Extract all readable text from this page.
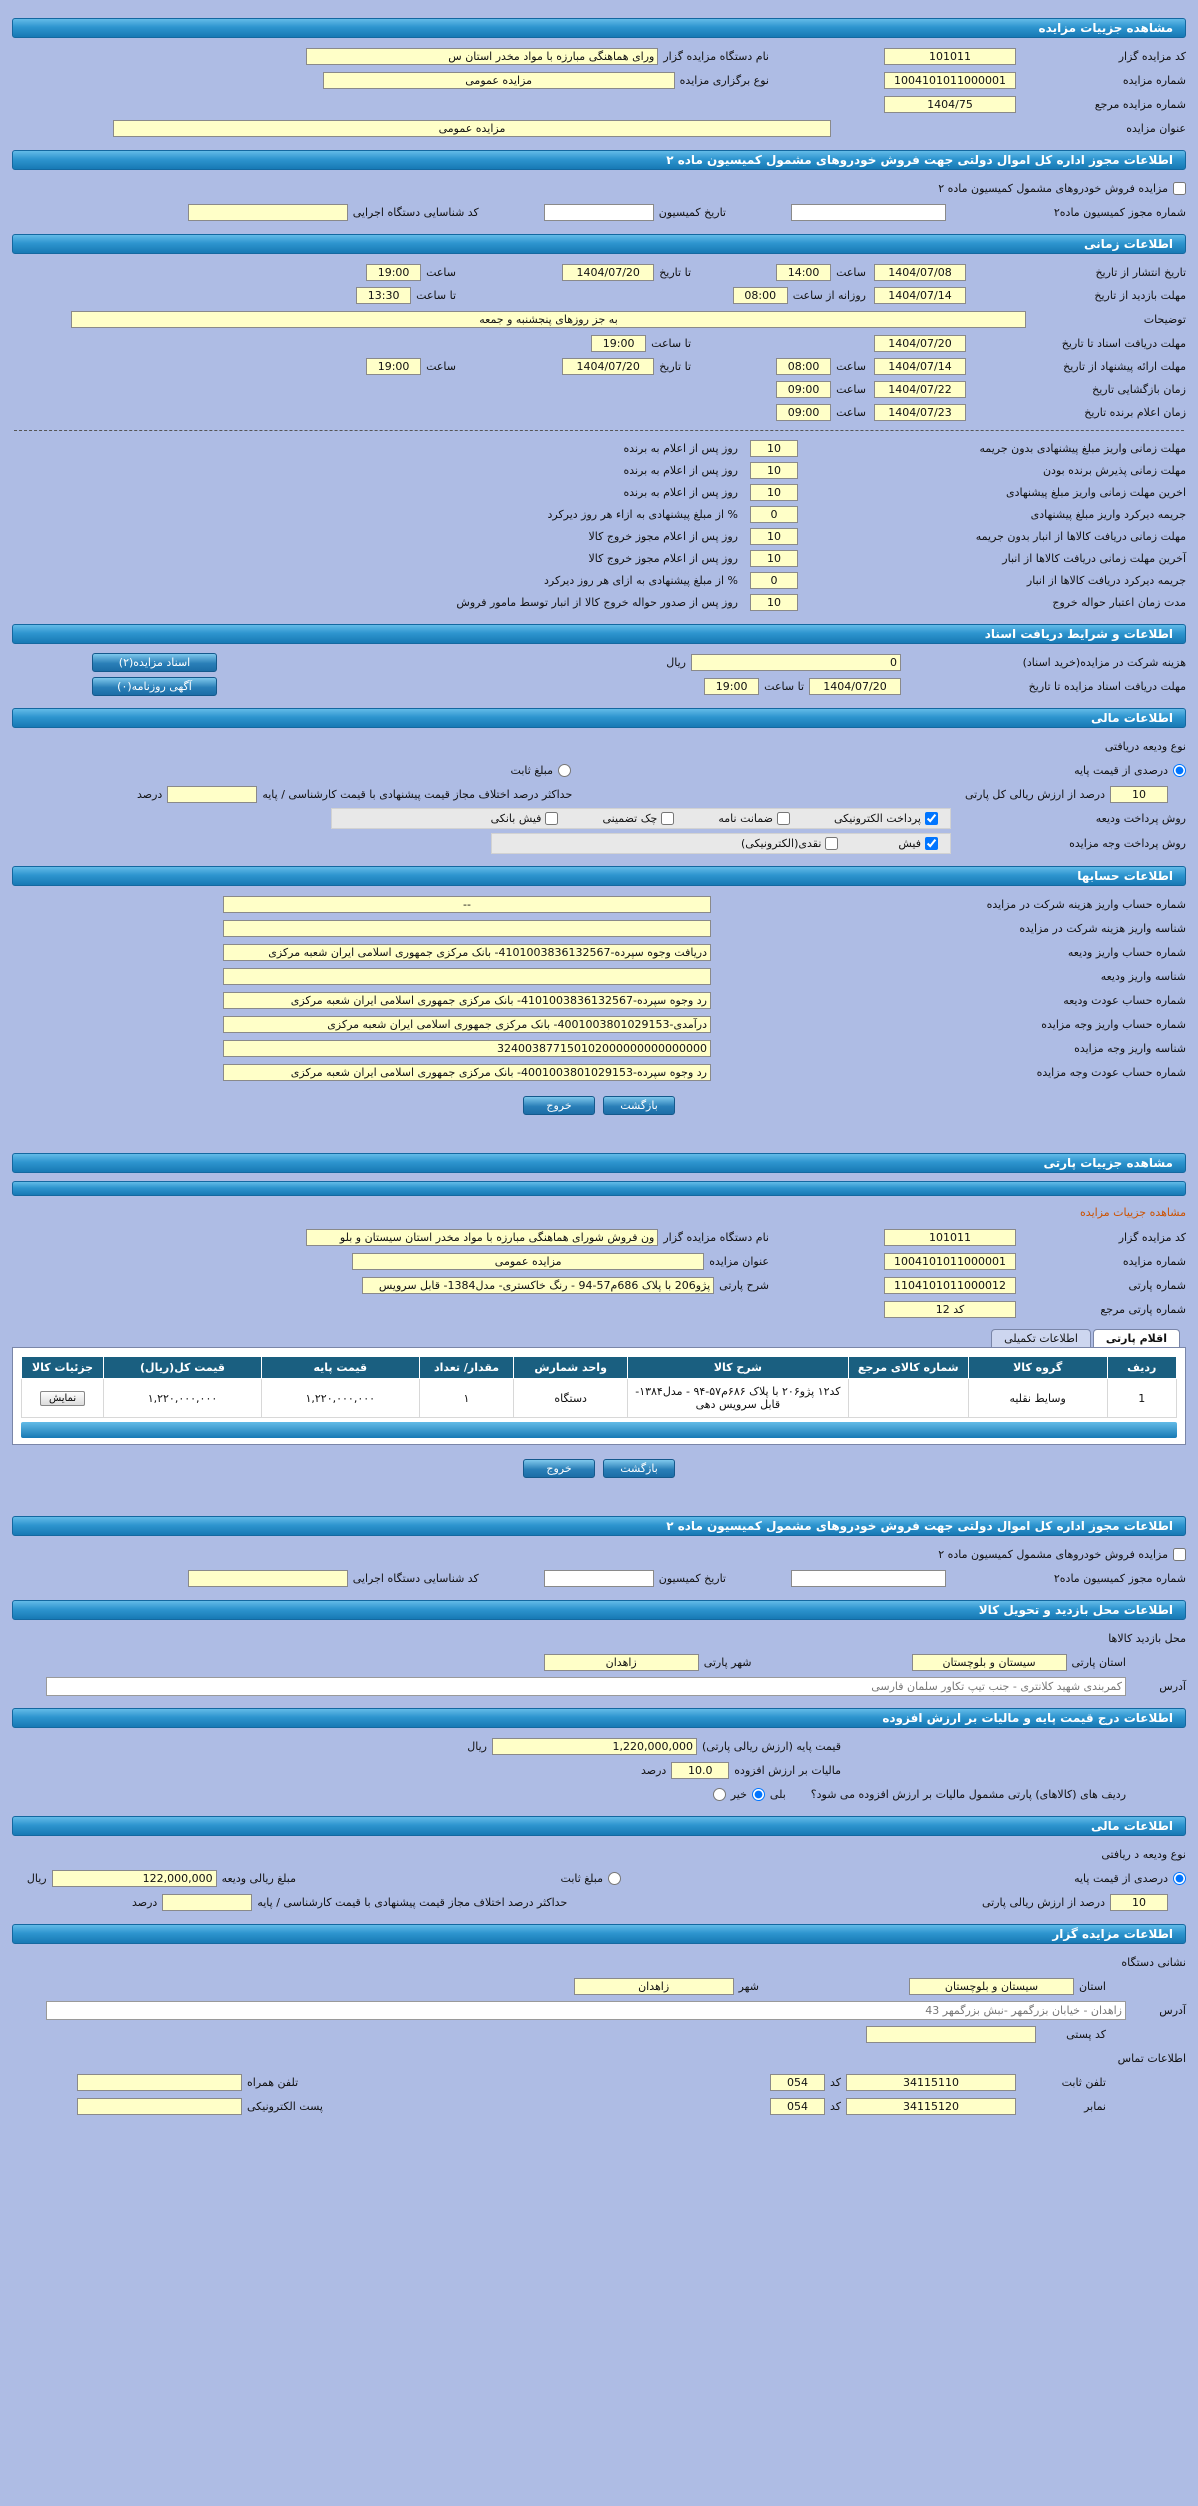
مشاهده جزییات مزایده
کد مزایده گزار
101011
نام دستگاه مزایده گزار
ورای هماهنگی مبارزه با مواد مخدر استان س
شماره مزایده
1004101011000001
نوع برگزاری مزایده
مزایده عمومی
شماره مزایده مرجع
1404/75
عنوان مزایده
مزایده عمومی
اطلاعات مجوز اداره کل اموال دولتی جهت فروش خودروهای مشمول کمیسیون ماده ۲
مزایده فروش خودروهای مشمول کمیسیون ماده ۲
شماره مجوز کمیسیون ماده۲
تاریخ کمیسیون
کد شناسایی دستگاه اجرایی
اطلاعات زمانی
تاریخ انتشار از تاریخ
1404/07/08
ساعت
14:00
تا تاریخ
1404/07/20
ساعت
19:00
مهلت بازدید از تاریخ
1404/07/14
روزانه از ساعت
08:00
تا ساعت
13:30
توضیحات
به جز روزهای پنجشنبه و جمعه
مهلت دریافت اسناد تا تاریخ
1404/07/20
تا ساعت
19:00
مهلت ارائه پیشنهاد از تاریخ
1404/07/14
ساعت
08:00
تا تاریخ
1404/07/20
ساعت
19:00
زمان بازگشایی تاریخ
1404/07/22
ساعت
09:00
زمان اعلام برنده تاریخ
1404/07/23
ساعت
09:00
مهلت زمانی واریز مبلغ پیشنهادی بدون جریمه
10
روز پس از اعلام به برنده
مهلت زمانی پذیرش برنده بودن
10
روز پس از اعلام به برنده
اخرین مهلت زمانی واریز مبلغ پیشنهادی
10
روز پس از اعلام به برنده
جریمه دیرکرد واریز مبلغ پیشنهادی
0
% از مبلغ پیشنهادی به ازاء هر روز دیرکرد
مهلت زمانی دریافت کالاها از انبار بدون جریمه
10
روز پس از اعلام مجوز خروج کالا
آخرین مهلت زمانی دریافت کالاها از انبار
10
روز پس از اعلام مجوز خروج کالا
جریمه دیرکرد دریافت کالاها از انبار
0
% از مبلغ پیشنهادی به ازای هر روز دیرکرد
مدت زمان اعتبار حواله خروج
10
روز پس از صدور حواله خروج کالا از انبار توسط مامور فروش
اطلاعات و شرایط دریافت اسناد
هزینه شرکت در مزایده(خرید اسناد)
0
ریال
اسناد مزایده(۲)
مهلت دریافت اسناد مزایده تا تاریخ
1404/07/20
تا ساعت
19:00
آگهی روزنامه(۰)
اطلاعات مالی
نوع ودیعه دریافتی
درصدی از قیمت پایه
مبلغ ثابت
10
درصد از ارزش ریالی کل پارتی
حداکثر درصد اختلاف مجاز قیمت پیشنهادی با قیمت کارشناسی / پایه
درصد
روش پرداخت ودیعه
پرداخت الکترونیکی
ضمانت نامه
چک تضمینی
فیش بانکی
روش پرداخت وجه مزایده
فیش
نقدی(الکترونیکی)
اطلاعات حسابها
شماره حساب واریز هزینه شرکت در مزایده
--
شناسه واریز هزینه شرکت در مزایده
شماره حساب واریز ودیعه
دریافت وجوه سپرده-4101003836132567- بانک مرکزی جمهوری اسلامی ایران شعبه مرکزی
شناسه واریز ودیعه
شماره حساب عودت ودیعه
رد وجوه سپرده-4101003836132567- بانک مرکزی جمهوری اسلامی ایران شعبه مرکزی
شماره حساب واریز وجه مزایده
درآمدی-4001003801029153- بانک مرکزی جمهوری اسلامی ایران شعبه مرکزی
شناسه واریز وجه مزایده
324003877150102000000000000000
شماره حساب عودت وجه مزایده
رد وجوه سپرده-4001003801029153- بانک مرکزی جمهوری اسلامی ایران شعبه مرکزی
بازگشت
خروج
مشاهده جزییات پارتی
مشاهده جزییات مزایده
کد مزایده گزار
101011
نام دستگاه مزایده گزار
ون فروش شورای هماهنگی مبارزه با مواد مخدر استان سیستان و بلو
شماره مزایده
1004101011000001
عنوان مزایده
مزایده عمومی
شماره پارتی
1104101011000012
شرح پارتی
پژو206 با پلاک 686م57-94 - رنگ خاکستری- مدل1384- قابل سرویس
شماره پارتی مرجع
کد 12
اقلام پارتی
اطلاعات تکمیلی
ردیف	گروه کالا	شماره کالای مرجع	شرح کالا	واحد شمارش	مقدار/ تعداد	قیمت پایه	قیمت کل(ریال)	جزئیات کالا
1	وسایط نقلیه		کد۱۲ پژو۲۰۶ با پلاک ۶۸۶م۵۷-۹۴ - مدل۱۳۸۴- قابل سرویس دهی	دستگاه	۱	۱,۲۲۰,۰۰۰,۰۰۰	۱,۲۲۰,۰۰۰,۰۰۰	نمایش
بازگشت
خروج
اطلاعات مجوز اداره کل اموال دولتی جهت فروش خودروهای مشمول کمیسیون ماده ۲
مزایده فروش خودروهای مشمول کمیسیون ماده ۲
شماره مجوز کمیسیون ماده۲
تاریخ کمیسیون
کد شناسایی دستگاه اجرایی
اطلاعات محل بازدید و تحویل کالا
محل بازدید کالاها
استان پارتی
سیستان و بلوچستان
شهر پارتی
زاهدان
آدرس
کمربندی شهید کلانتری - جنب تیپ تکاور سلمان فارسی
اطلاعات درج قیمت پایه و مالیات بر ارزش افزوده
قیمت پایه (ارزش ریالی پارتی)
1,220,000,000
ریال
مالیات بر ارزش افزوده
10.0
درصد
ردیف های (کالاهای) پارتی مشمول مالیات بر ارزش افزوده می شود؟
بلی
خیر
اطلاعات مالی
نوع ودیعه د ریافتی
درصدی از قیمت پایه
مبلغ ثابت
مبلغ ریالی ودیعه
122,000,000
ریال
10
درصد از ارزش ریالی پارتی
حداکثر درصد اختلاف مجاز قیمت پیشنهادی با قیمت کارشناسی / پایه
درصد
اطلاعات مزایده گزار
نشانی دستگاه
استان
سیستان و بلوچستان
شهر
زاهدان
آدرس
زاهدان - خیابان بزرگمهر -نبش بزرگمهر 43
کد پستی
اطلاعات تماس
تلفن ثابت
34115110
کد
054
تلفن همراه
نمابر
34115120
کد
054
پست الکترونیکی
